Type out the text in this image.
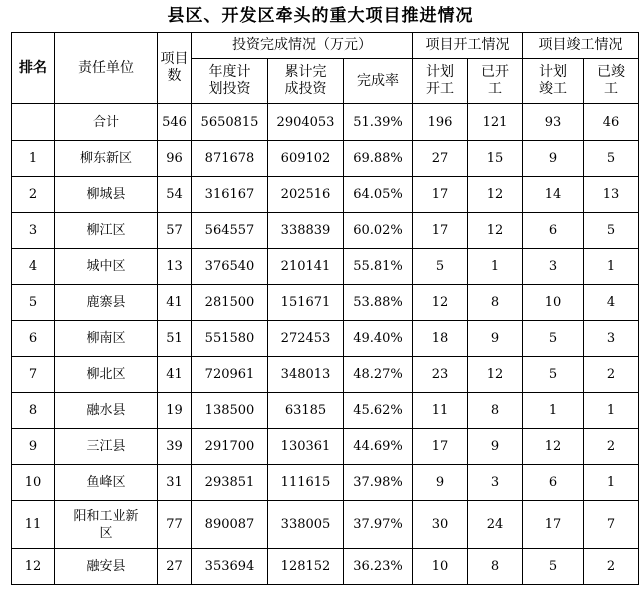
县区、开发区牵头的重大项目推进情况
排名	责任单位	项目数	投资完成情况（万元）			项目开工情况		项目竣工情况	
			年度计划投资	累计完成投资	完成率	计划开工	已开工	计划竣工	已竣工
	合计	546	5650815	2904053	51.39%	196	121	93	46
1	柳东新区	96	871678	609102	69.88%	27	15	9	5
2	柳城县	54	316167	202516	64.05%	17	12	14	13
3	柳江区	57	564557	338839	60.02%	17	12	6	5
4	城中区	13	376540	210141	55.81%	5	1	3	1
5	鹿寨县	41	281500	151671	53.88%	12	8	10	4
6	柳南区	51	551580	272453	49.40%	18	9	5	3
7	柳北区	41	720961	348013	48.27%	23	12	5	2
8	融水县	19	138500	63185	45.62%	11	8	1	1
9	三江县	39	291700	130361	44.69%	17	9	12	2
10	鱼峰区	31	293851	111615	37.98%	9	3	6	1
11	阳和工业新区	77	890087	338005	37.97%	30	24	17	7
12	融安县	27	353694	128152	36.23%	10	8	5	2
